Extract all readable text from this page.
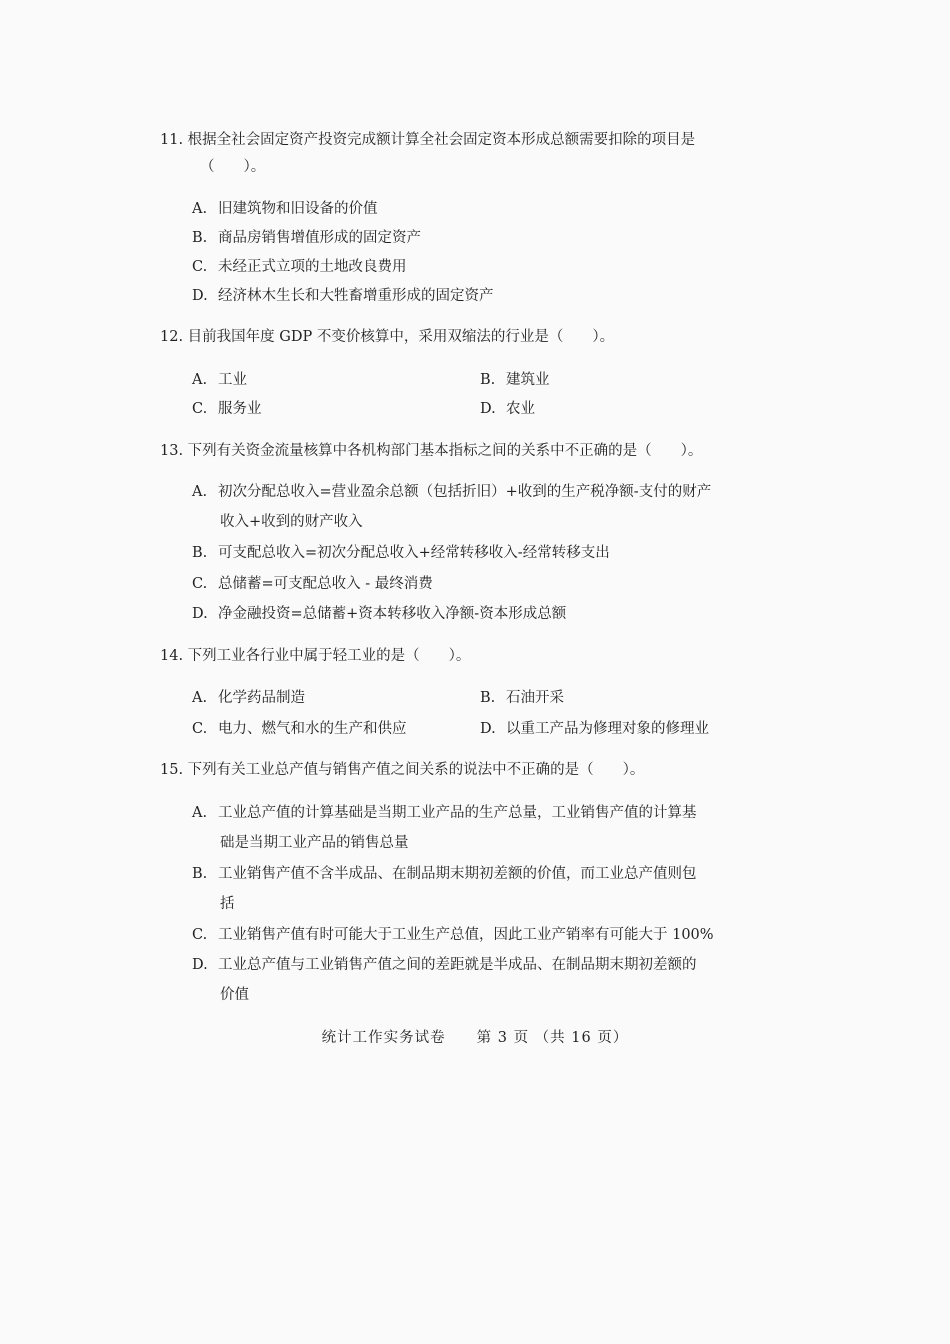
11. 根据全社会固定资产投资完成额计算全社会固定资本形成总额需要扣除的项目是
（　　）。
A. 旧建筑物和旧设备的价值
B. 商品房销售增值形成的固定资产
C. 未经正式立项的土地改良费用
D. 经济林木生长和大牲畜增重形成的固定资产
12. 目前我国年度 GDP 不变价核算中，采用双缩法的行业是（　　）。
A. 工业	B. 建筑业
C. 服务业	D. 农业
13. 下列有关资金流量核算中各机构部门基本指标之间的关系中不正确的是（　　）。
A. 初次分配总收入=营业盈余总额（包括折旧）+收到的生产税净额-支付的财产
收入+收到的财产收入
B. 可支配总收入=初次分配总收入+经常转移收入-经常转移支出
C. 总储蓄=可支配总收入 - 最终消费
D. 净金融投资=总储蓄+资本转移收入净额-资本形成总额
14. 下列工业各行业中属于轻工业的是（　　）。
A. 化学药品制造	B. 石油开采
C. 电力、燃气和水的生产和供应	D. 以重工产品为修理对象的修理业
15. 下列有关工业总产值与销售产值之间关系的说法中不正确的是（　　）。
A. 工业总产值的计算基础是当期工业产品的生产总量，工业销售产值的计算基
础是当期工业产品的销售总量
B. 工业销售产值不含半成品、在制品期末期初差额的价值，而工业总产值则包
括
C. 工业销售产值有时可能大于工业生产总值，因此工业产销率有可能大于 100%
D. 工业总产值与工业销售产值之间的差距就是半成品、在制品期末期初差额的
价值
统计工作实务试卷　　第 3 页 （共 16 页）
